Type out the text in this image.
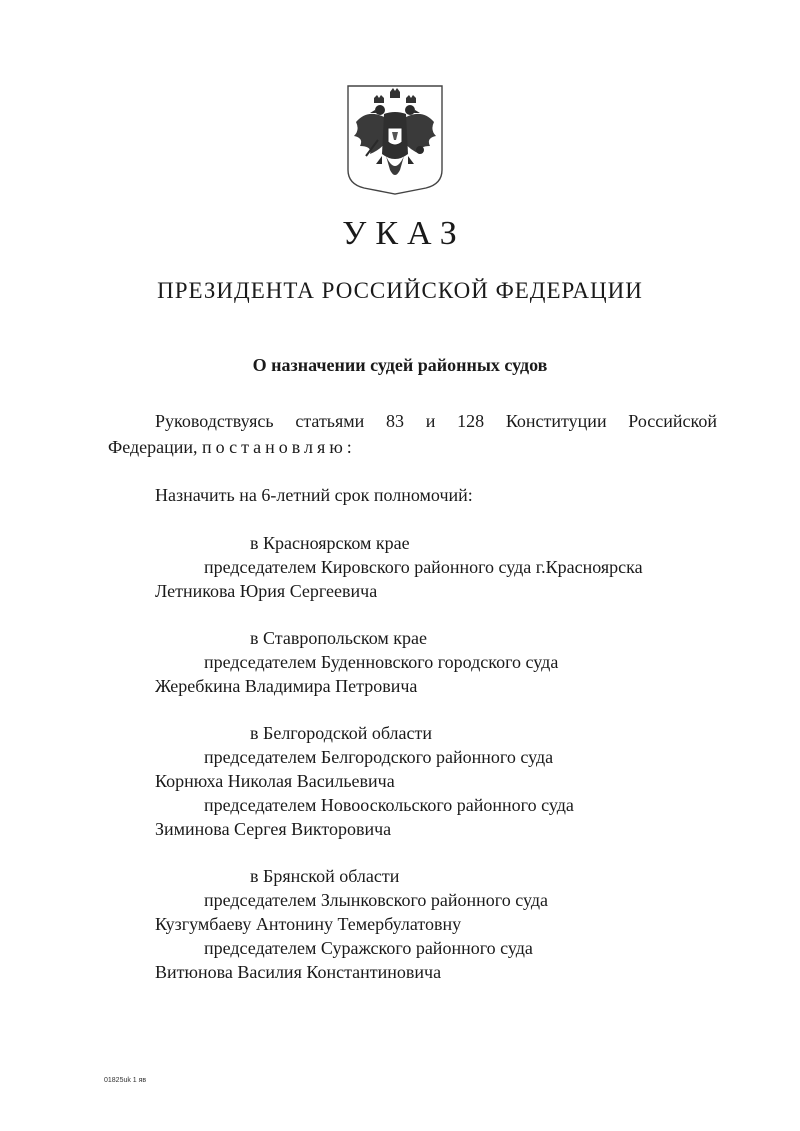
УКАЗ
ПРЕЗИДЕНТА РОССИЙСКОЙ ФЕДЕРАЦИИ
О назначении судей районных судов
Руководствуясь статьями 83 и 128 Конституции Российской
Федерации, постановляю:
Назначить на 6-летний срок полномочий:
в Красноярском крае
председателем Кировского районного суда г.Красноярска
Летникова Юрия Сергеевича
в Ставропольском крае
председателем Буденновского городского суда
Жеребкина Владимира Петровича
в Белгородской области
председателем Белгородского районного суда
Корнюха Николая Васильевича
председателем Новооскольского районного суда
Зиминова Сергея Викторовича
в Брянской области
председателем Злынковского районного суда
Кузгумбаеву Антонину Темербулатовну
председателем Суражского районного суда
Витюнова Василия Константиновича
01825uk 1 яв
